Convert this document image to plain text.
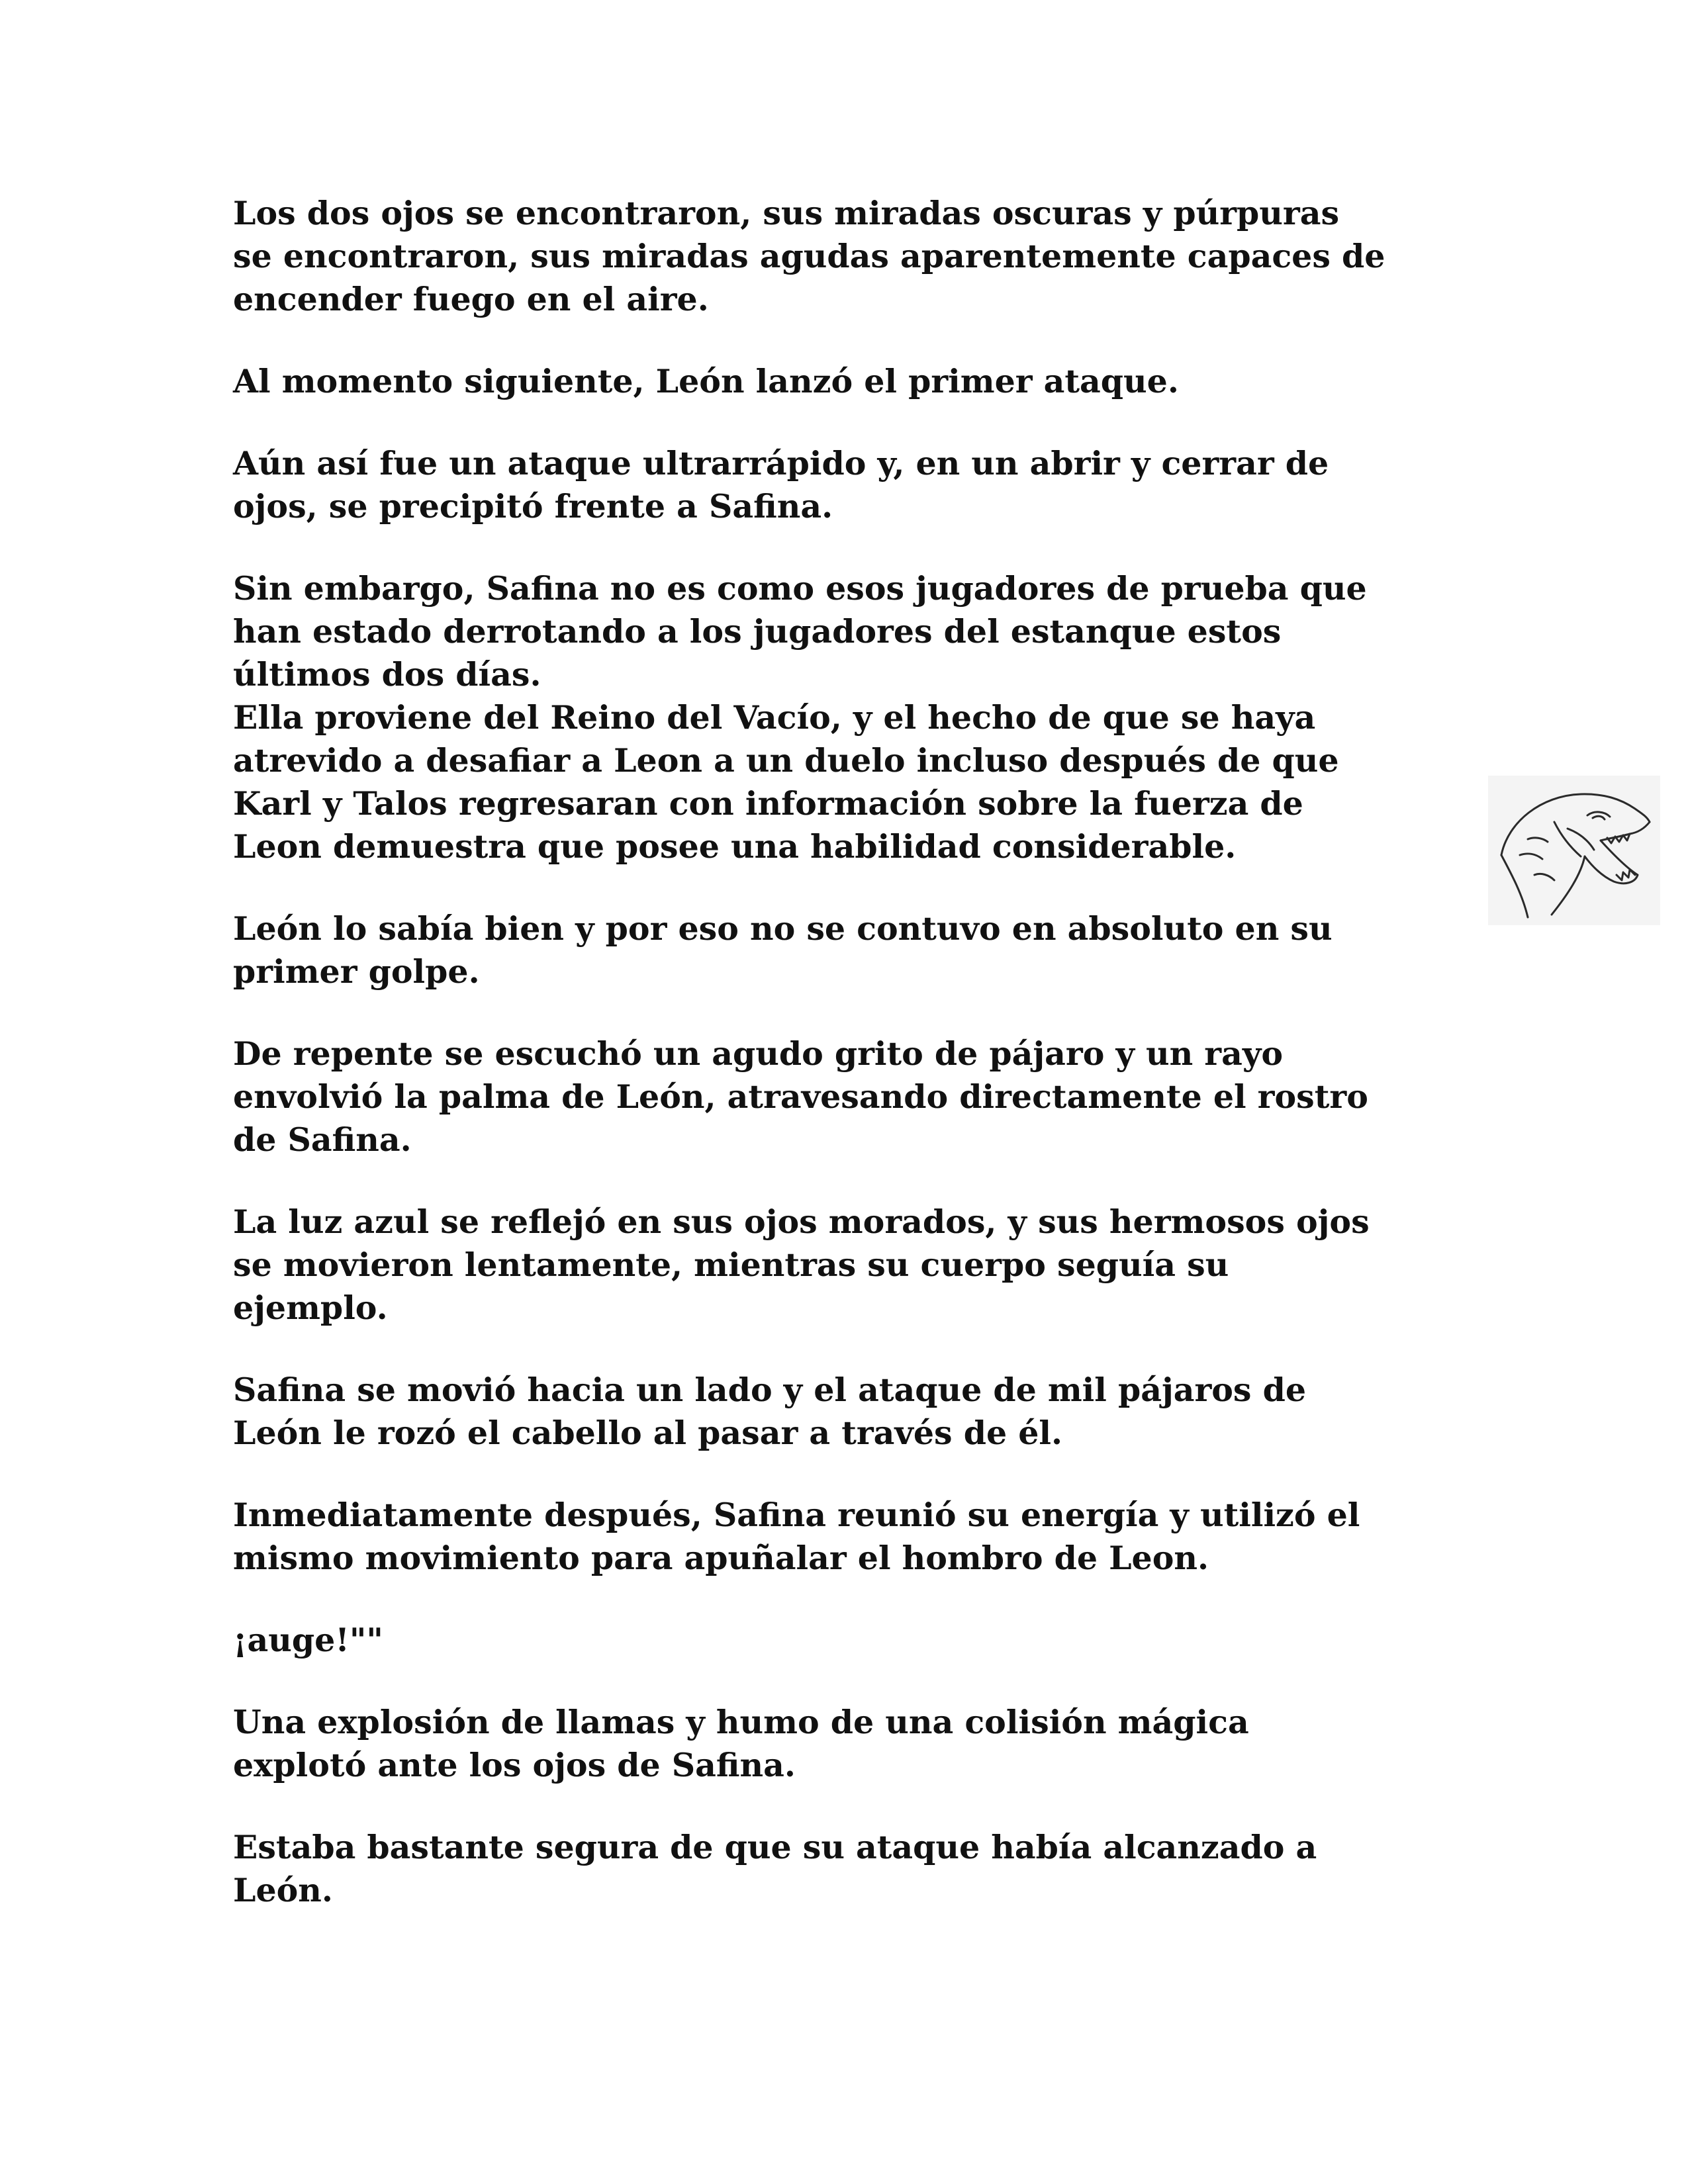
Los dos ojos se encontraron, sus miradas oscuras y púrpuras
se encontraron, sus miradas agudas aparentemente capaces de
encender fuego en el aire.

Al momento siguiente, León lanzó el primer ataque.

Aún así fue un ataque ultrarrápido y, en un abrir y cerrar de
ojos, se precipitó frente a Safina.

Sin embargo, Safina no es como esos jugadores de prueba que
han estado derrotando a los jugadores del estanque estos
últimos dos días.

Ella proviene del Reino del Vacío, y el hecho de que se haya
atrevido a desafiar a Leon a un duelo incluso después de que
Karl y Talos regresaran con información sobre la fuerza de
Leon demuestra que posee una habilidad considerable.

León lo sabía bien y por eso no se contuvo en absoluto en su
primer golpe.

De repente se escuchó un agudo grito de pájaro y un rayo
envolvió la palma de León, atravesando directamente el rostro
de Safina.

La luz azul se reflejó en sus ojos morados, y sus hermosos ojos
se movieron lentamente, mientras su cuerpo seguía su
ejemplo.

Safina se movió hacia un lado y el ataque de mil pájaros de
León le rozó el cabello al pasar a través de él.

Inmediatamente después, Safina reunió su energía y utilizó el
mismo movimiento para apuñalar el hombro de Leon.

¡auge!""

Una explosión de llamas y humo de una colisión mágica
explotó ante los ojos de Safina.

Estaba bastante segura de que su ataque había alcanzado a
León.
